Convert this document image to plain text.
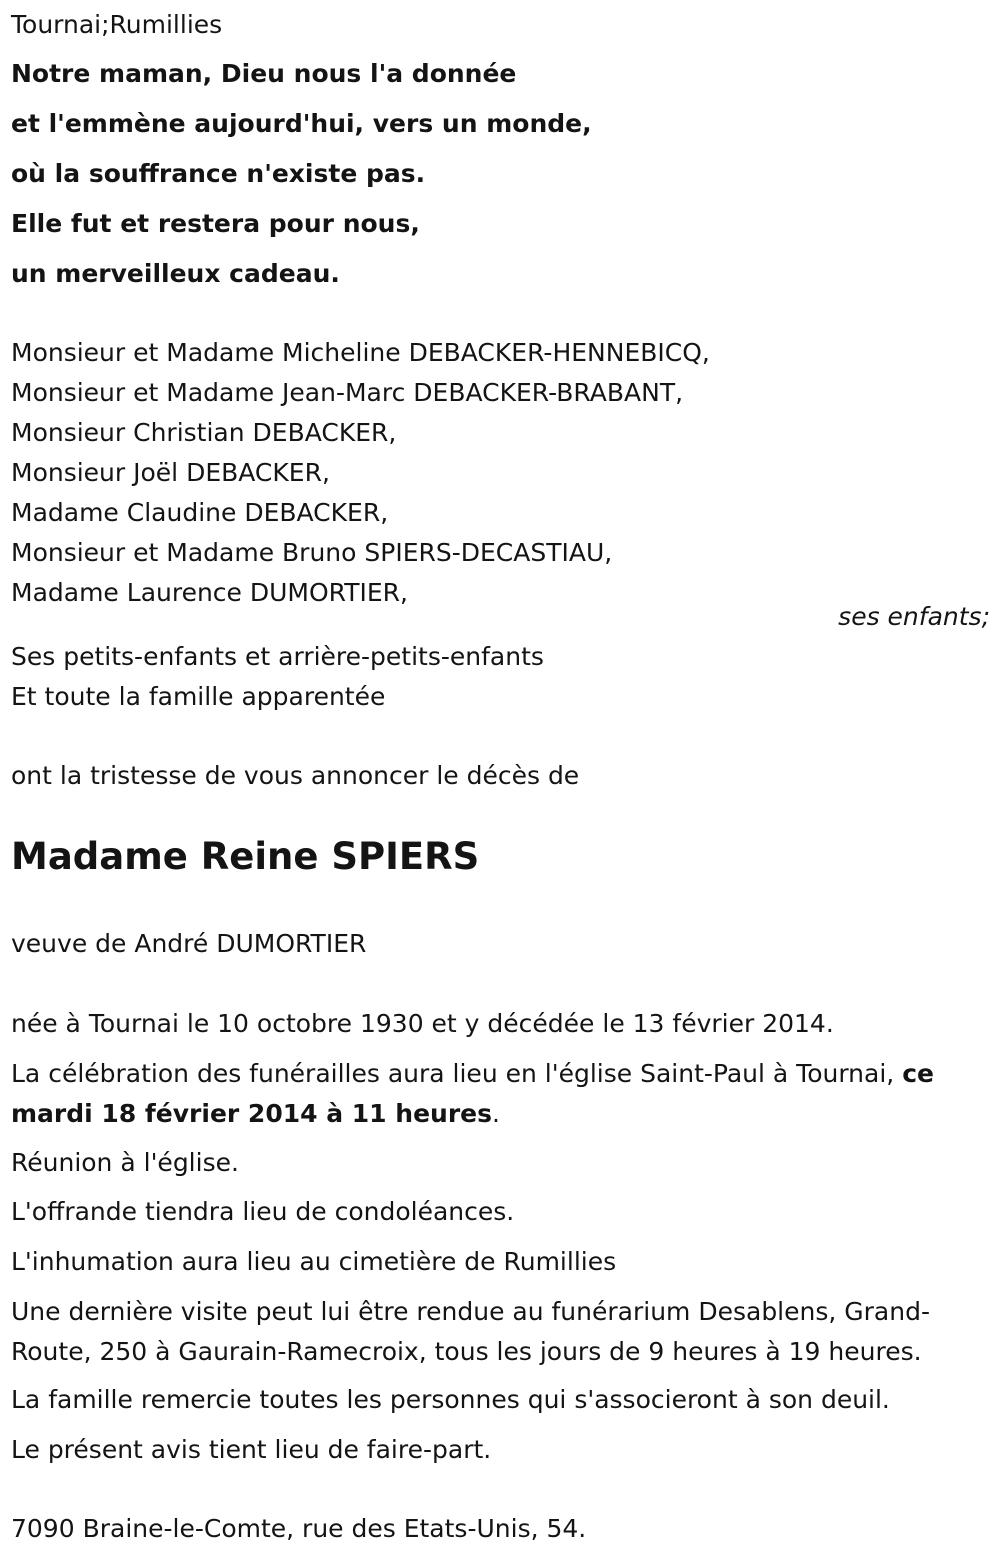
Tournai;Rumillies

Notre maman, Dieu nous l'a donnée

et l'emmène aujourd'hui, vers un monde,

où la souffrance n'existe pas.

Elle fut et restera pour nous,

un merveilleux cadeau.

Monsieur et Madame Micheline DEBACKER-HENNEBICQ,

Monsieur et Madame Jean-Marc DEBACKER-BRABANT,

Monsieur Christian DEBACKER,

Monsieur Joël DEBACKER,

Madame Claudine DEBACKER,

Monsieur et Madame Bruno SPIERS-DECASTIAU,

Madame Laurence DUMORTIER,

ses enfants;

Ses petits-enfants et arrière-petits-enfants

Et toute la famille apparentée

ont la tristesse de vous annoncer le décès de

Madame Reine SPIERS

veuve de André DUMORTIER

née à Tournai le 10 octobre 1930 et y décédée le 13 février 2014.

La célébration des funérailles aura lieu en l'église Saint-Paul à Tournai, ce mardi 18 février 2014 à 11 heures.

Réunion à l'église.

L'offrande tiendra lieu de condoléances.

L'inhumation aura lieu au cimetière de Rumillies

Une dernière visite peut lui être rendue au funérarium Desablens, Grand-Route, 250 à Gaurain-Ramecroix, tous les jours de 9 heures à 19 heures.

La famille remercie toutes les personnes qui s'associeront à son deuil.

Le présent avis tient lieu de faire-part.

7090 Braine-le-Comte, rue des Etats-Unis, 54.
